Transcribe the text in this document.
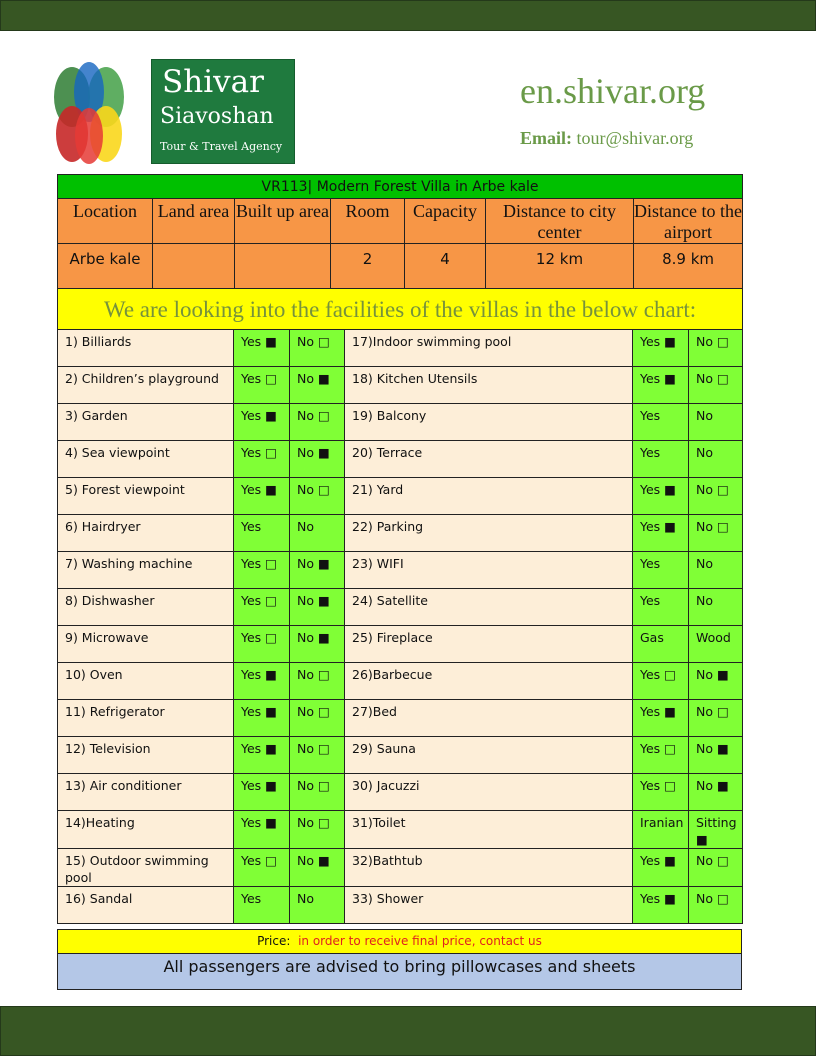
Shivar
Siavoshan
Tour & Travel Agency
en.shivar.org
Email: tour@shivar.org
VR113| Modern Forest Villa in Arbe kale						
Location	Land area	Built up area	Room	Capacity	Distance to city center	Distance to the airport
Arbe kale			2	4	12 km	8.9 km
We are looking into the facilities of the villas in the below chart:						
1) Billiards	Yes ■	No □	17)Indoor swimming pool	Yes ■	No □
2) Children’s playground	Yes □	No ■	18) Kitchen Utensils	Yes ■	No □
3) Garden	Yes ■	No □	19) Balcony	Yes	No
4) Sea viewpoint	Yes □	No ■	20) Terrace	Yes	No
5) Forest viewpoint	Yes ■	No □	21) Yard	Yes ■	No □
6) Hairdryer	Yes	No	22) Parking	Yes ■	No □
7) Washing machine	Yes □	No ■	23) WIFI	Yes	No
8) Dishwasher	Yes □	No ■	24) Satellite	Yes	No
9) Microwave	Yes □	No ■	25) Fireplace	Gas	Wood
10) Oven	Yes ■	No □	26)Barbecue	Yes □	No ■
11) Refrigerator	Yes ■	No □	27)Bed	Yes ■	No □
12) Television	Yes ■	No □	29) Sauna	Yes □	No ■
13) Air conditioner	Yes ■	No □	30) Jacuzzi	Yes □	No ■
14)Heating	Yes ■	No □	31)Toilet	Iranian	Sitting ■
15) Outdoor swimming pool	Yes □	No ■	32)Bathtub	Yes ■	No □
16) Sandal	Yes	No	33) Shower	Yes ■	No □
Price: in order to receive final price, contact us
All passengers are advised to bring pillowcases and sheets
